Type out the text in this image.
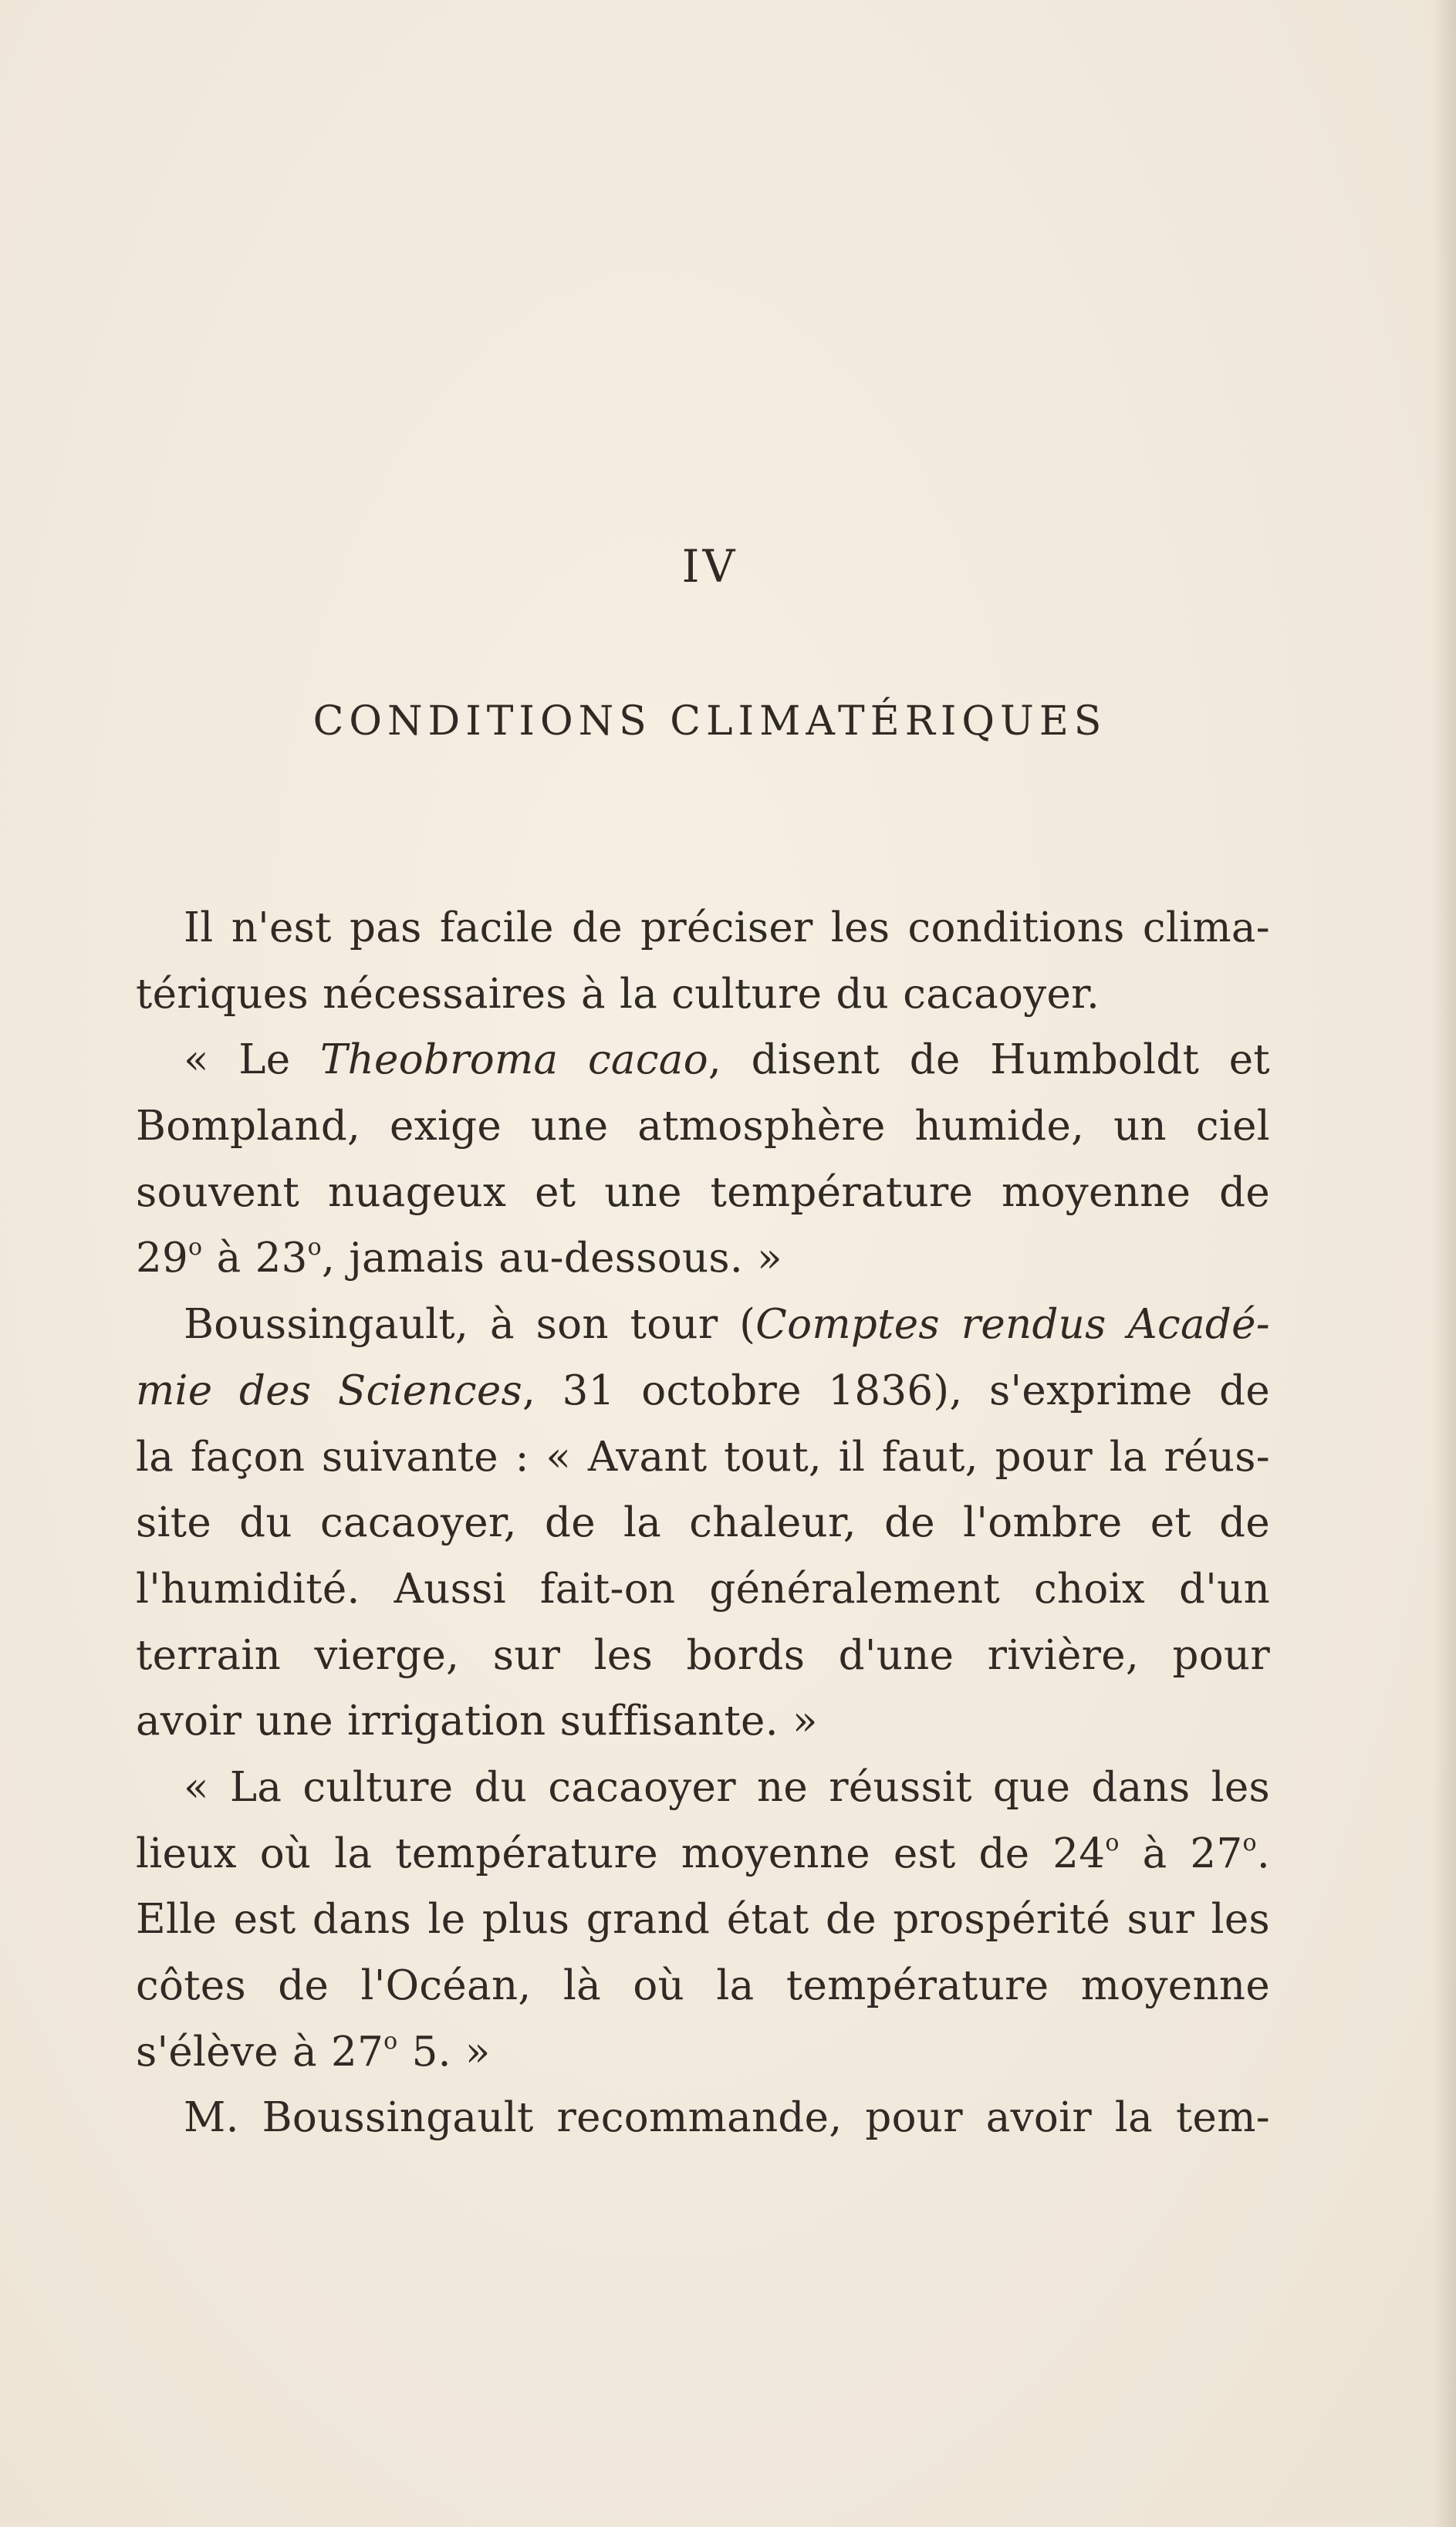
IV
CONDITIONS CLIMATÉRIQUES
Il n'est pas facile de préciser les conditions clima-
tériques nécessaires à la culture du cacaoyer.
« Le Theobroma cacao, disent de Humboldt et
Bompland, exige une atmosphère humide, un ciel
souvent nuageux et une température moyenne de
29$^o$ à 23$^o$, jamais au-dessous. »
Boussingault, à son tour (Comptes rendus Acadé-
mie des Sciences, 31 octobre 1836), s'exprime de
la façon suivante : « Avant tout, il faut, pour la réus-
site du cacaoyer, de la chaleur, de l'ombre et de
l'humidité. Aussi fait-on généralement choix d'un
terrain vierge, sur les bords d'une rivière, pour
avoir une irrigation suffisante. »
« La culture du cacaoyer ne réussit que dans les
lieux où la température moyenne est de 24$^o$ à 27$^o$.
Elle est dans le plus grand état de prospérité sur les
côtes de l'Océan, là où la température moyenne
s'élève à 27$^o$ 5. »
M. Boussingault recommande, pour avoir la tem-
